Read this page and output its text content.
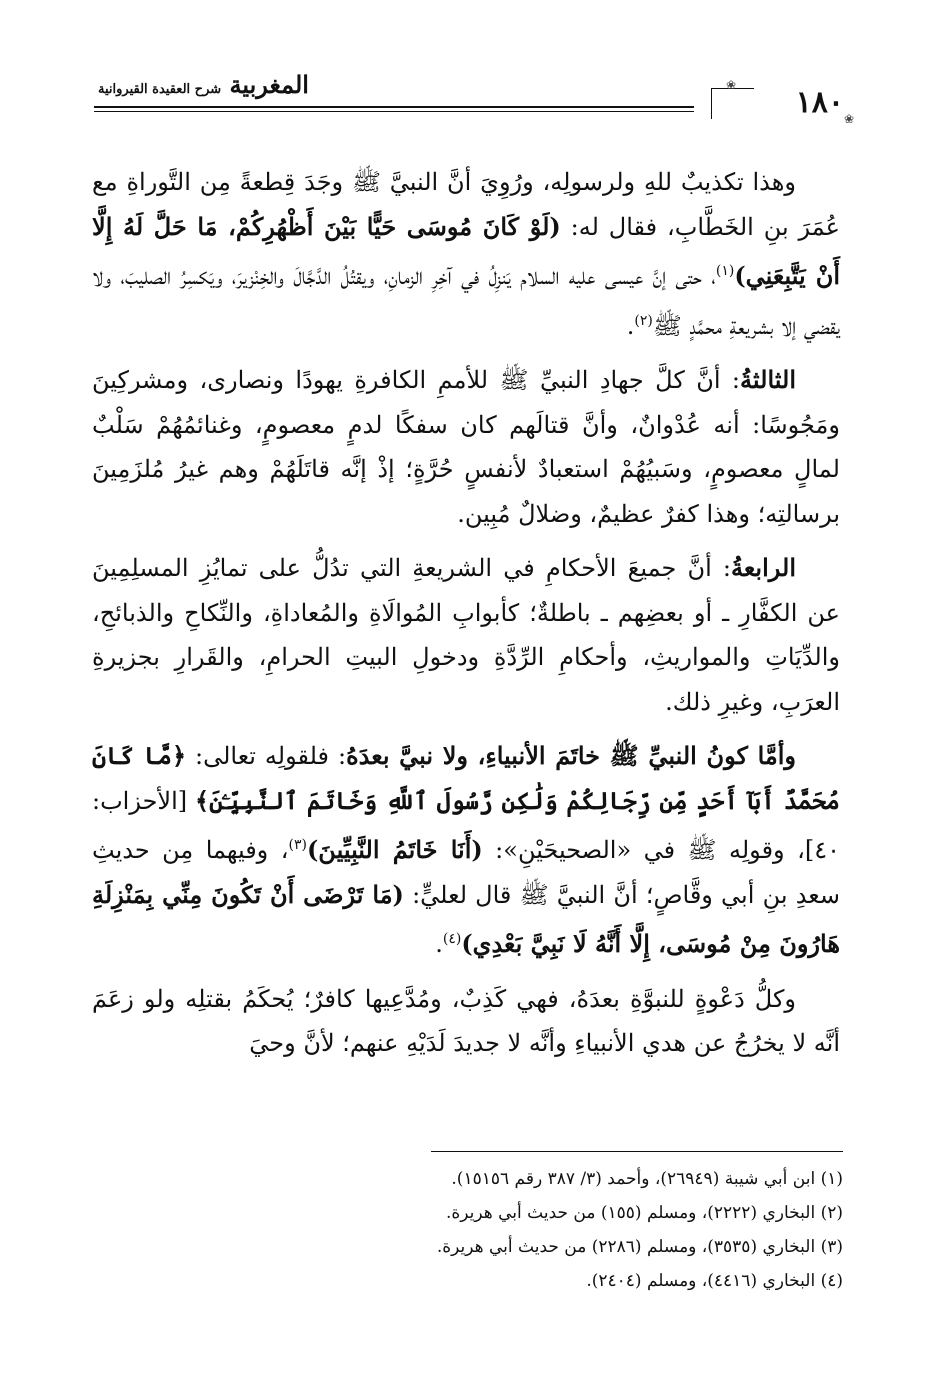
المغربية شرح العقيدة القيروانية	❀
❀
١٨٠

وهذا تكذيبٌ للهِ ولرسولِه، ورُوِيَ أنَّ النبيَّ ﷺ وجَدَ قِطعةً مِن التَّوراةِ مع عُمَرَ بنِ الخَطَّابِ، فقال له: (لَوْ كَانَ مُوسَى حَيًّا بَيْنَ أَظْهُرِكُمْ، مَا حَلَّ لَهُ إِلَّا أَنْ يَتَّبِعَنِي)$^{(١)}$، حتى إنَّ عيسى عليه السلام يَنزِلُ في آخِرِ الزمانِ، ويقتُلُ الدَّجَّالَ والخِنْزيرَ، ويَكسِرُ الصليبَ، ولا يقضي إلا بشريعةِ محمَّدٍ ﷺ$^{(٢)}$.

الثالثةُ: أنَّ كلَّ جهادِ النبيِّ ﷺ للأممِ الكافرةِ يهودًا ونصارى، ومشركِينَ ومَجُوسًا: أنه عُدْوانٌ، وأنَّ قتالَهم كان سفكًا لدمٍ معصومٍ، وغنائمُهُمْ سَلْبٌ لمالٍ معصومٍ، وسَبيُهُمْ استعبادٌ لأنفسٍ حُرَّةٍ؛ إذْ إنَّه قاتَلَهُمْ وهم غيرُ مُلزَمِينَ برسالتِه؛ وهذا كفرٌ عظيمٌ، وضلالٌ مُبِين.

الرابعةُ: أنَّ جميعَ الأحكامِ في الشريعةِ التي تدُلُّ على تمايُزِ المسلِمِينَ عن الكفَّارِ ـ أو بعضِهم ـ باطلةٌ؛ كأبوابِ المُوالَاةِ والمُعاداةِ، والنِّكاحِ والذبائحِ، والدِّيَاتِ والمواريثِ، وأحكامِ الرِّدَّةِ ودخولِ البيتِ الحرامِ، والقَرارِ بجزيرةِ العرَبِ، وغيرِ ذلك.

وأمَّا كونُ النبيِّ ﷺ خاتَمَ الأنبياءِ، ولا نبيَّ بعدَهُ: فلقولِه تعالى: ﴿مَّا كَانَ مُحَمَّدٌ أَبَآ أَحَدٍ مِّن رِّجَالِكُمْ وَلَٰكِن رَّسُولَ ٱللَّهِ وَخَاتَمَ ٱلنَّبِيِّـۧنَ﴾ [الأحزاب: ٤٠]، وقولِه ﷺ في «الصحيحَيْنِ»: (أَنَا خَاتَمُ النَّبِيِّينَ)$^{(٣)}$، وفيهما مِن حديثِ سعدِ بنِ أبي وقَّاصٍ؛ أنَّ النبيَّ ﷺ قال لعليٍّ: (مَا تَرْضَى أَنْ تَكُونَ مِنِّي بِمَنْزِلَةِ هَارُونَ مِنْ مُوسَى، إِلَّا أَنَّهُ لَا نَبِيَّ بَعْدِي)$^{(٤)}$.

وكلُّ دَعْوةٍ للنبوَّةِ بعدَهُ، فهي كَذِبٌ، ومُدَّعِيها كافرٌ؛ يُحكَمُ بقتلِه ولو زعَمَ أنَّه لا يخرُجُ عن هدي الأنبياءِ وأنَّه لا جديدَ لَدَيْهِ عنهم؛ لأنَّ وحيَ

(١) ابن أبي شيبة (٢٦٩٤٩)، وأحمد (٣/ ٣٨٧ رقم ١٥١٥٦).
(٢) البخاري (٢٢٢٢)، ومسلم (١٥٥) من حديث أبي هريرة.
(٣) البخاري (٣٥٣٥)، ومسلم (٢٢٨٦) من حديث أبي هريرة.
(٤) البخاري (٤٤١٦)، ومسلم (٢٤٠٤).
